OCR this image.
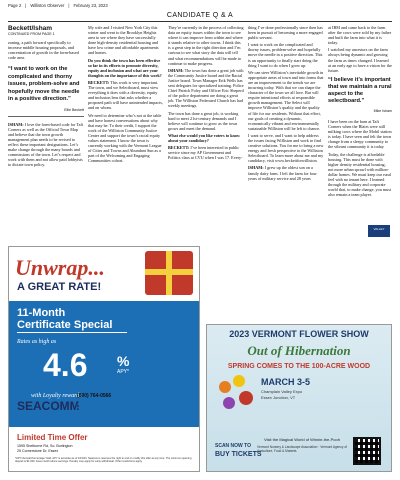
Page 2 | Williston Observer | February 23, 2023
CANDIDATE Q & A
Beckett/Isham
CONTINUED FROM PAGE 1

zoning, a path forward specifically to increase middle housing proposals, and concentration of growth in the form-based code area.

“I want to work on the complicated and thorny issues, problem-solve and hopefully move the needle in a positive direction.”
Ellie Beckett

ISHAM: I love the form-based code for Taft Corners as well as the Official Town Map and believe that the town growth management plan needs to be revised to reflect these important designations. Let’s make change through the many boards and commissions of the town. Let’s respect and work with them and not allow paid lobbyists to dictate town policy.

My wife and I visited New York City this winter and went to the Brooklyn Heights area to see where they have successfully done high-density residential housing and have low crime and affordable apartments and homes.

Do you think the town has been effective so far in its efforts to promote diversity, equity and inclusion and what are your thoughts on the importance of this work?

BECKETT: This work is very important. The town, and we Selectboard, must view everything it does with a diversity, equity and inclusion lens that asks whether a proposed path will have unintended impacts, and on whom.

We need to determine who’s not at the table and have honest conversations about why that may be. To their credit, I support the work of the Williston Community Justice Center and support the town’s racial equity values statement. I know the town is currently working with the Vermont League of Cities and Towns and Abundant Sun as a part of the Welcoming and Engaging Communities cohort.

They’re currently in the process of collecting data on equity issues within the town to see where it can improve from within and where it stands relative to other towns. I think this is a great step in the right direction and I’m curious to see what story the data will tell and what recommendations will be made to continue to make progress.

ISHAM: The town has done a great job with the Community Justice board and the Racial Justice board. Town Manager Erik Wells has sent delegates for specialized training. Police Chief Patrick Foley and Officer Eric Sheperd of the police department are doing a great job. The Williston Federated Church has had weekly meetings.

The town has done a great job, is working hard to meet 21st-century demands and I believe will continue to grow as the town grows and meet the demand.

What else would you like voters to know about your candidacy?

BECKETT: I’ve been interested in public service since my AP Government and Politics class at CVU when I was 17. Every-

thing I’ve done professionally since then has been in pursuit of becoming a more engaged public servant.

I want to work on the complicated and thorny issues, problem-solve and hopefully move the needle in a positive direction. This is an opportunity to finally start doing the thing I want to do when I grow up.

We can steer Williston’s inevitable growth in appropriate areas of town and into forms that are an improvement to the trends we are incurring today. With that we can shape the character of the town we all love. But will require intentional efforts at responsible growth management. The Select will improve Williston’s quality and the quality of life for our residents. Without that effort, our goals of creating a dynamic, economically vibrant and environmentally sustainable Williston will be left to chance.

I want to serve, and I want to help address the issues facing Williston and work to find creative solutions. You for me to bring a new energy and fresh perspective to the Williston Selectboard. To learn more about me and my candidacy, visit www.beckettforwilliston.

ISHAM: I grew up the oldest son on a family dairy farm. I left the farm for four years of military service and 28 years

at IBM and came back to the farm after the cows were sold by my father and built the farm into what it is today.

I watched my ancestors on the farm always being dynamic and growing the farm as times changed. I learned at an early age to have a vision for the future.

“I believe it’s important that we maintain a rural aspect to the selectboard.”
Mike Isham

I have been on the barn at Taft Corners when the Blairs were still milking cows where the Mobil station is today. I have seen and felt the town change from a sleepy community to the vibrant community it is today.

Today, the challenge is affordable housing. This must be done with higher density residential housing, not more urban sprawl with million-dollar homes. We must keep our rural feel with no tenant here. I learned through the military and corporate world that, to make change, you must also remain a team player.

VALLEY
Unwrap...
A GREAT RATE!
11-Month
Certificate Special
Rates as high as
4.6 %
APY*
with Loyalty rewards
SEACOMM
(800) 764-0566
SeaComm.org
Limited Time Offer
1595 Shelburne Rd, So. Burlington
25 Cornerstone Dr, Essex
*APY=Annual Percentage Yield. APY is accurate as of 1/15/23. SeaComm reserves the right to end or modify this offer at any time. The minimum opening deposit is $1,000. Fees could reduce earnings. Penalty may apply for early withdrawal. Other restrictions apply.
2023 VERMONT FLOWER SHOW
Out of Hibernation
SPRING COMES TO THE 100-ACRE WOOD
MARCH 3-5
Champlain Valley Expo
Essex Junction, VT
Visit the Magical World of Winnie-the-Pooh
Vermont Nursery & Landscape Association · Vermont Agency of Agriculture, Food & Markets
SCAN NOW TO
BUY TICKETS
